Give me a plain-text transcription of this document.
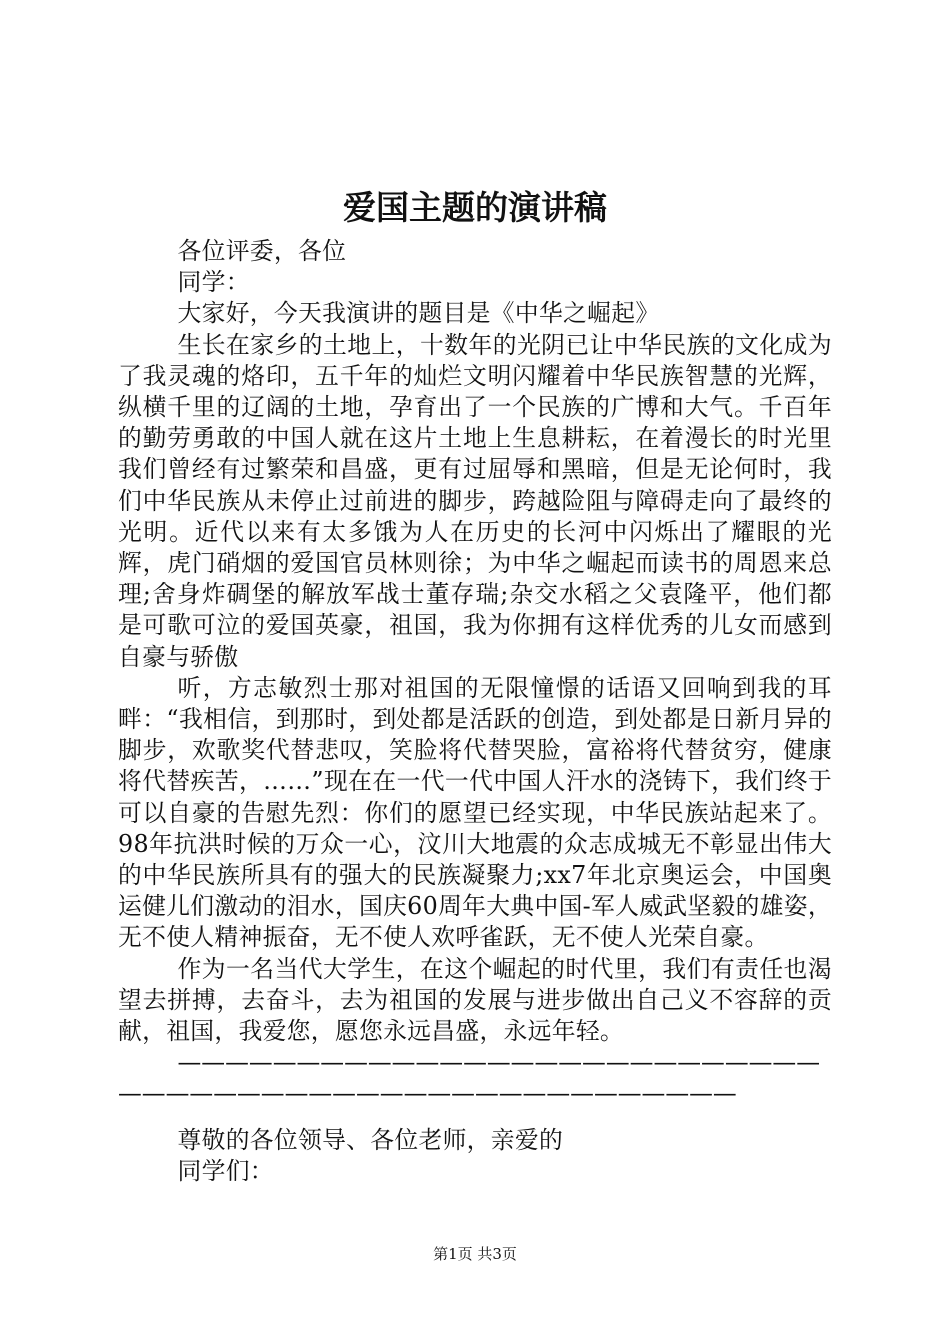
爱国主题的演讲稿

各位评委，各位

同学：

大家好，今天我演讲的题目是《中华之崛起》

生长在家乡的土地上，十数年的光阴已让中华民族的文化成为了我灵魂的烙印，五千年的灿烂文明闪耀着中华民族智慧的光辉，纵横千里的辽阔的土地，孕育出了一个民族的广博和大气。千百年的勤劳勇敢的中国人就在这片土地上生息耕耘，在着漫长的时光里我们曾经有过繁荣和昌盛，更有过屈辱和黑暗，但是无论何时，我们中华民族从未停止过前进的脚步，跨越险阻与障碍走向了最终的光明。近代以来有太多饿为人在历史的长河中闪烁出了耀眼的光辉，虎门硝烟的爱国官员林则徐；为中华之崛起而读书的周恩来总理;舍身炸碉堡的解放军战士董存瑞;杂交水稻之父袁隆平，他们都是可歌可泣的爱国英豪，祖国，我为你拥有这样优秀的儿女而感到自豪与骄傲

听，方志敏烈士那对祖国的无限憧憬的话语又回响到我的耳畔：“我相信，到那时，到处都是活跃的创造，到处都是日新月异的脚步，欢歌奖代替悲叹，笑脸将代替哭脸，富裕将代替贫穷，健康将代替疾苦，……”现在在一代一代中国人汗水的浇铸下，我们终于可以自豪的告慰先烈：你们的愿望已经实现，中华民族站起来了。98年抗洪时候的万众一心，汶川大地震的众志成城无不彰显出伟大的中华民族所具有的强大的民族凝聚力;xx7年北京奥运会，中国奥运健儿们激动的泪水，国庆60周年大典中国-军人威武坚毅的雄姿，无不使人精神振奋，无不使人欢呼雀跃，无不使人光荣自豪。

作为一名当代大学生，在这个崛起的时代里，我们有责任也渴望去拼搏，去奋斗，去为祖国的发展与进步做出自己义不容辞的贡献，祖国，我爱您，愿您永远昌盛，永远年轻。

—————————————————————————————————————————————————————

尊敬的各位领导、各位老师，亲爱的

同学们：

第1页 共3页
